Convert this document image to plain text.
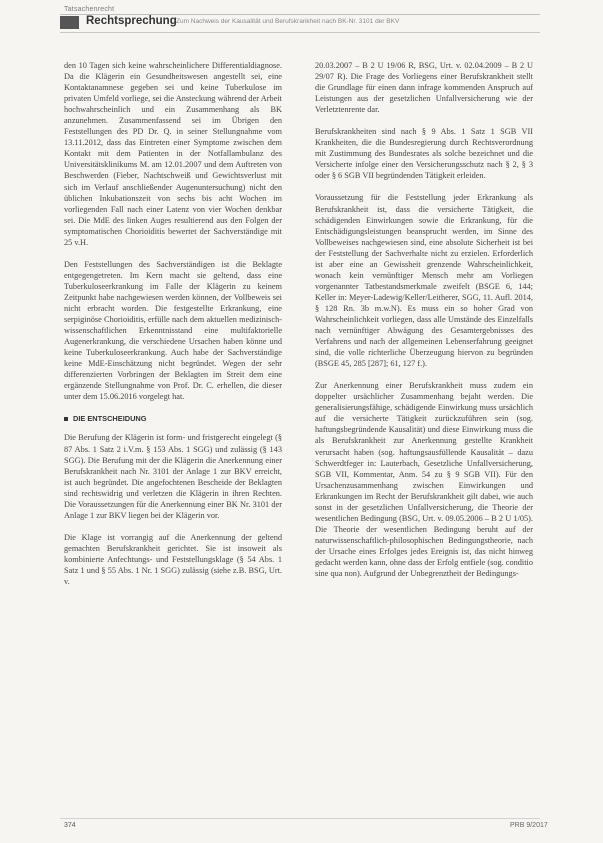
Tatsachenrecht
Rechtsprechung Zum Nachweis der Kausalität und Berufskrankheit nach BK-Nr. 3101 der BKV

den 10 Tagen sich keine wahrscheinlichere Differentialdiagnose. Da die Klägerin ein Gesundheitswesen angestellt sei, eine Kontaktanamnese gegeben sei und keine Tuberkulose im privaten Umfeld vorliege, sei die Ansteckung während der Arbeit hochwahrscheinlich und ein Zusammenhang als BK anzunehmen. Zusammenfassend sei im Übrigen den Feststellungen des PD Dr. Q. in seiner Stellungnahme vom 13.11.2012, dass das Eintreten einer Symptome zwischen dem Kontakt mit dem Patienten in der Notfallambulanz des Universitätsklinikums M. am 12.01.2007 und dem Auftreten von Beschwerden (Fieber, Nachtschweiß und Gewichtsverlust mit sich im Verlauf anschließender Augenuntersuchung) nicht den üblichen Inkubationszeit von sechs bis acht Wochen im vorliegenden Fall nach einer Latenz von vier Wochen denkbar sei. Die MdE des linken Auges resultierend aus den Folgen der symptomatischen Chorioiditis bewertet der Sachverständige mit 25 v.H.

Den Feststellungen des Sachverständigen ist die Beklagte entgegengetreten. Im Kern macht sie geltend, dass eine Tuberkuloseerkrankung im Falle der Klägerin zu keinem Zeitpunkt habe nachgewiesen werden können, der Vollbeweis sei nicht erbracht worden. Die festgestellte Erkrankung, eine serpiginöse Chorioiditis, erfülle nach dem aktuellen medizinisch-wissenschaftlichen Erkenntnisstand eine multifaktorielle Augenerkrankung, die verschiedene Ursachen haben könne und keine Tuberkuloseerkrankung. Auch habe der Sachverständige keine MdE-Einschätzung nicht begründet. Wegen der sehr differenzierten Vorbringen der Beklagten im Streit dem eine ergänzende Stellungnahme von Prof. Dr. C. erhellen, die dieser unter dem 15.06.2016 vorgelegt hat.

DIE ENTSCHEIDUNG

Die Berufung der Klägerin ist form- und fristgerecht eingelegt (§ 87 Abs. 1 Satz 2 i.V.m. § 153 Abs. 1 SGG) und zulässig (§ 143 SGG). Die Berufung mit der die Klägerin die Anerkennung einer Berufskrankheit nach Nr. 3101 der Anlage 1 zur BKV erreicht, ist auch begründet. Die angefochtenen Bescheide der Beklagten sind rechtswidrig und verletzen die Klägerin in ihren Rechten. Die Voraussetzungen für die Anerkennung einer BK Nr. 3101 der Anlage 1 zur BKV liegen bei der Klägerin vor.

Die Klage ist vorrangig auf die Anerkennung der geltend gemachten Berufskrankheit gerichtet. Sie ist insoweit als kombinierte Anfechtungs- und Feststellungsklage (§ 54 Abs. 1 Satz 1 und § 55 Abs. 1 Nr. 1 SGG) zulässig (siehe z.B. BSG, Urt. v.

20.03.2007 – B 2 U 19/06 R, BSG, Urt. v. 02.04.2009 – B 2 U 29/07 R). Die Frage des Vorliegens einer Berufskrankheit stellt die Grundlage für einen dann infrage kommenden Anspruch auf Leistungen aus der gesetzlichen Unfallversicherung wie der Verletztenrente dar.

Berufskrankheiten sind nach § 9 Abs. 1 Satz 1 SGB VII Krankheiten, die die Bundesregierung durch Rechtsverordnung mit Zustimmung des Bundesrates als solche bezeichnet und die Versicherte infolge einer den Versicherungsschutz nach § 2, § 3 oder § 6 SGB VII begründenden Tätigkeit erleiden.

Voraussetzung für die Feststellung jeder Erkrankung als Berufskrankheit ist, dass die versicherte Tätigkeit, die schädigenden Einwirkungen sowie die Erkrankung, für die Entschädigungsleistungen beansprucht werden, im Sinne des Vollbeweises nachgewiesen sind, eine absolute Sicherheit ist bei der Feststellung der Sachverhalte nicht zu erzielen. Erforderlich ist aber eine an Gewissheit grenzende Wahrscheinlichkeit, wonach kein vernünftiger Mensch mehr am Vorliegen vorgenannter Tatbestandsmerkmale zweifelt (BSGE 6, 144; Keller in: Meyer-Ladewig/Keller/Leitherer, SGG, 11. Aufl. 2014, § 128 Rn. 3b m.w.N). Es muss ein so hoher Grad von Wahrscheinlichkeit vorliegen, dass alle Umstände des Einzelfalls nach vernünftiger Abwägung des Gesamtergebnisses des Verfahrens und nach der allgemeinen Lebenserfahrung geeignet sind, die volle richterliche Überzeugung hiervon zu begründen (BSGE 45, 285 [287]; 61, 127 f.).

Zur Anerkennung einer Berufskrankheit muss zudem ein doppelter ursächlicher Zusammenhang bejaht werden. Die generalisierungsfähige, schädigende Einwirkung muss ursächlich auf die versicherte Tätigkeit zurückzuführen sein (sog. haftungsbegründende Kausalität) und diese Einwirkung muss die als Berufskrankheit zur Anerkennung gestellte Krankheit verursacht haben (sog. haftungsausfüllende Kausalität – dazu Schwerdtfeger in: Lauterbach, Gesetzliche Unfallversicherung, SGB VII, Kommentar, Anm. 54 zu § 9 SGB VII). Für den Ursachenzusammenhang zwischen Einwirkungen und Erkrankungen im Recht der Berufskrankheit gilt dabei, wie auch sonst in der gesetzlichen Unfallversicherung, die Theorie der wesentlichen Bedingung (BSG, Urt. v. 09.05.2006 – B 2 U 1/05). Die Theorie der wesentlichen Bedingung beruht auf der naturwissenschaftlich-philosophischen Bedingungstheorie, nach der Ursache eines Erfolges jedes Ereignis ist, das nicht hinweg gedacht werden kann, ohne dass der Erfolg entfiele (sog. conditio sine qua non). Aufgrund der Unbegrenztheit der Bedingungs-

374	PRB 9/2017
